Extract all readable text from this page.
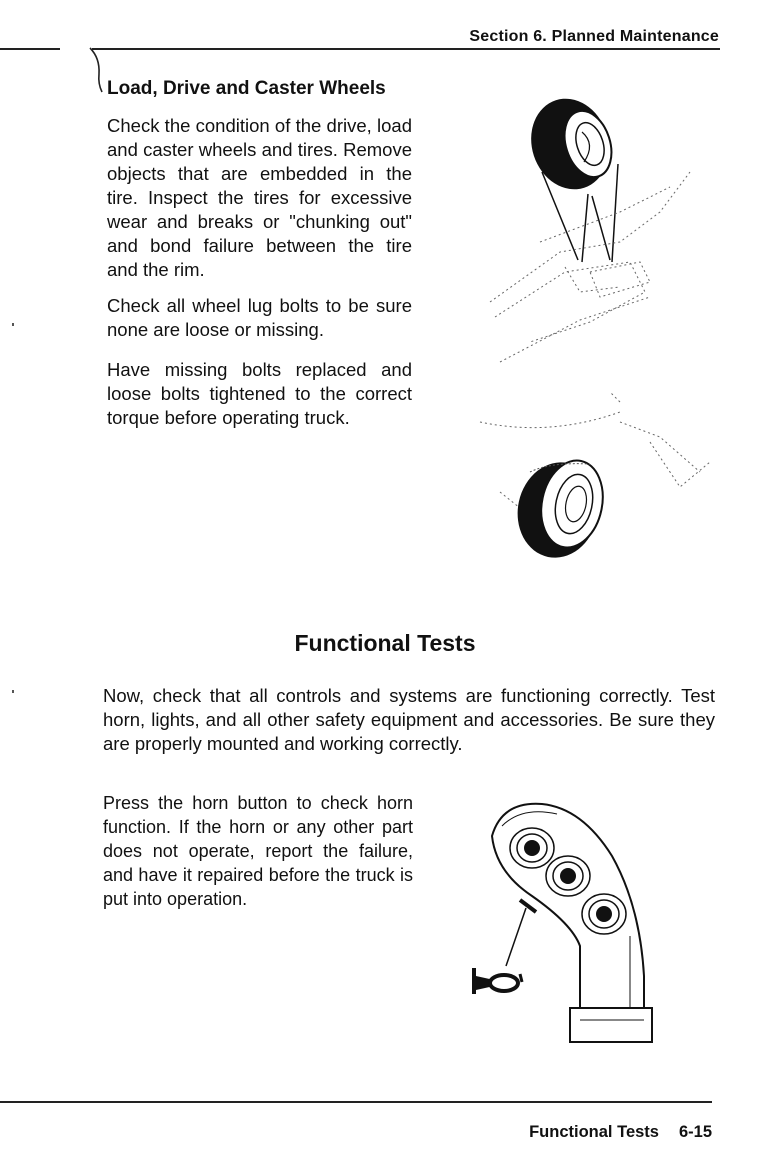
Section 6. Planned Maintenance
Load, Drive and Caster Wheels

Check the condition of the drive, load and caster wheels and tires. Remove objects that are embedded in the tire. Inspect the tires for excessive wear and breaks or "chunking out" and bond failure between the tire and the rim.

Check all wheel lug bolts to be sure none are loose or missing.

Have missing bolts replaced and loose bolts tightened to the correct torque before operating truck.

Functional Tests

Now, check that all controls and systems are functioning correctly. Test horn, lights, and all other safety equipment and accessories. Be sure they are properly mounted and working correctly.

Press the horn button to check horn function. If the horn or any other part does not operate, report the failure, and have it repaired before the truck is put into operation.

Functional Tests 6-15
